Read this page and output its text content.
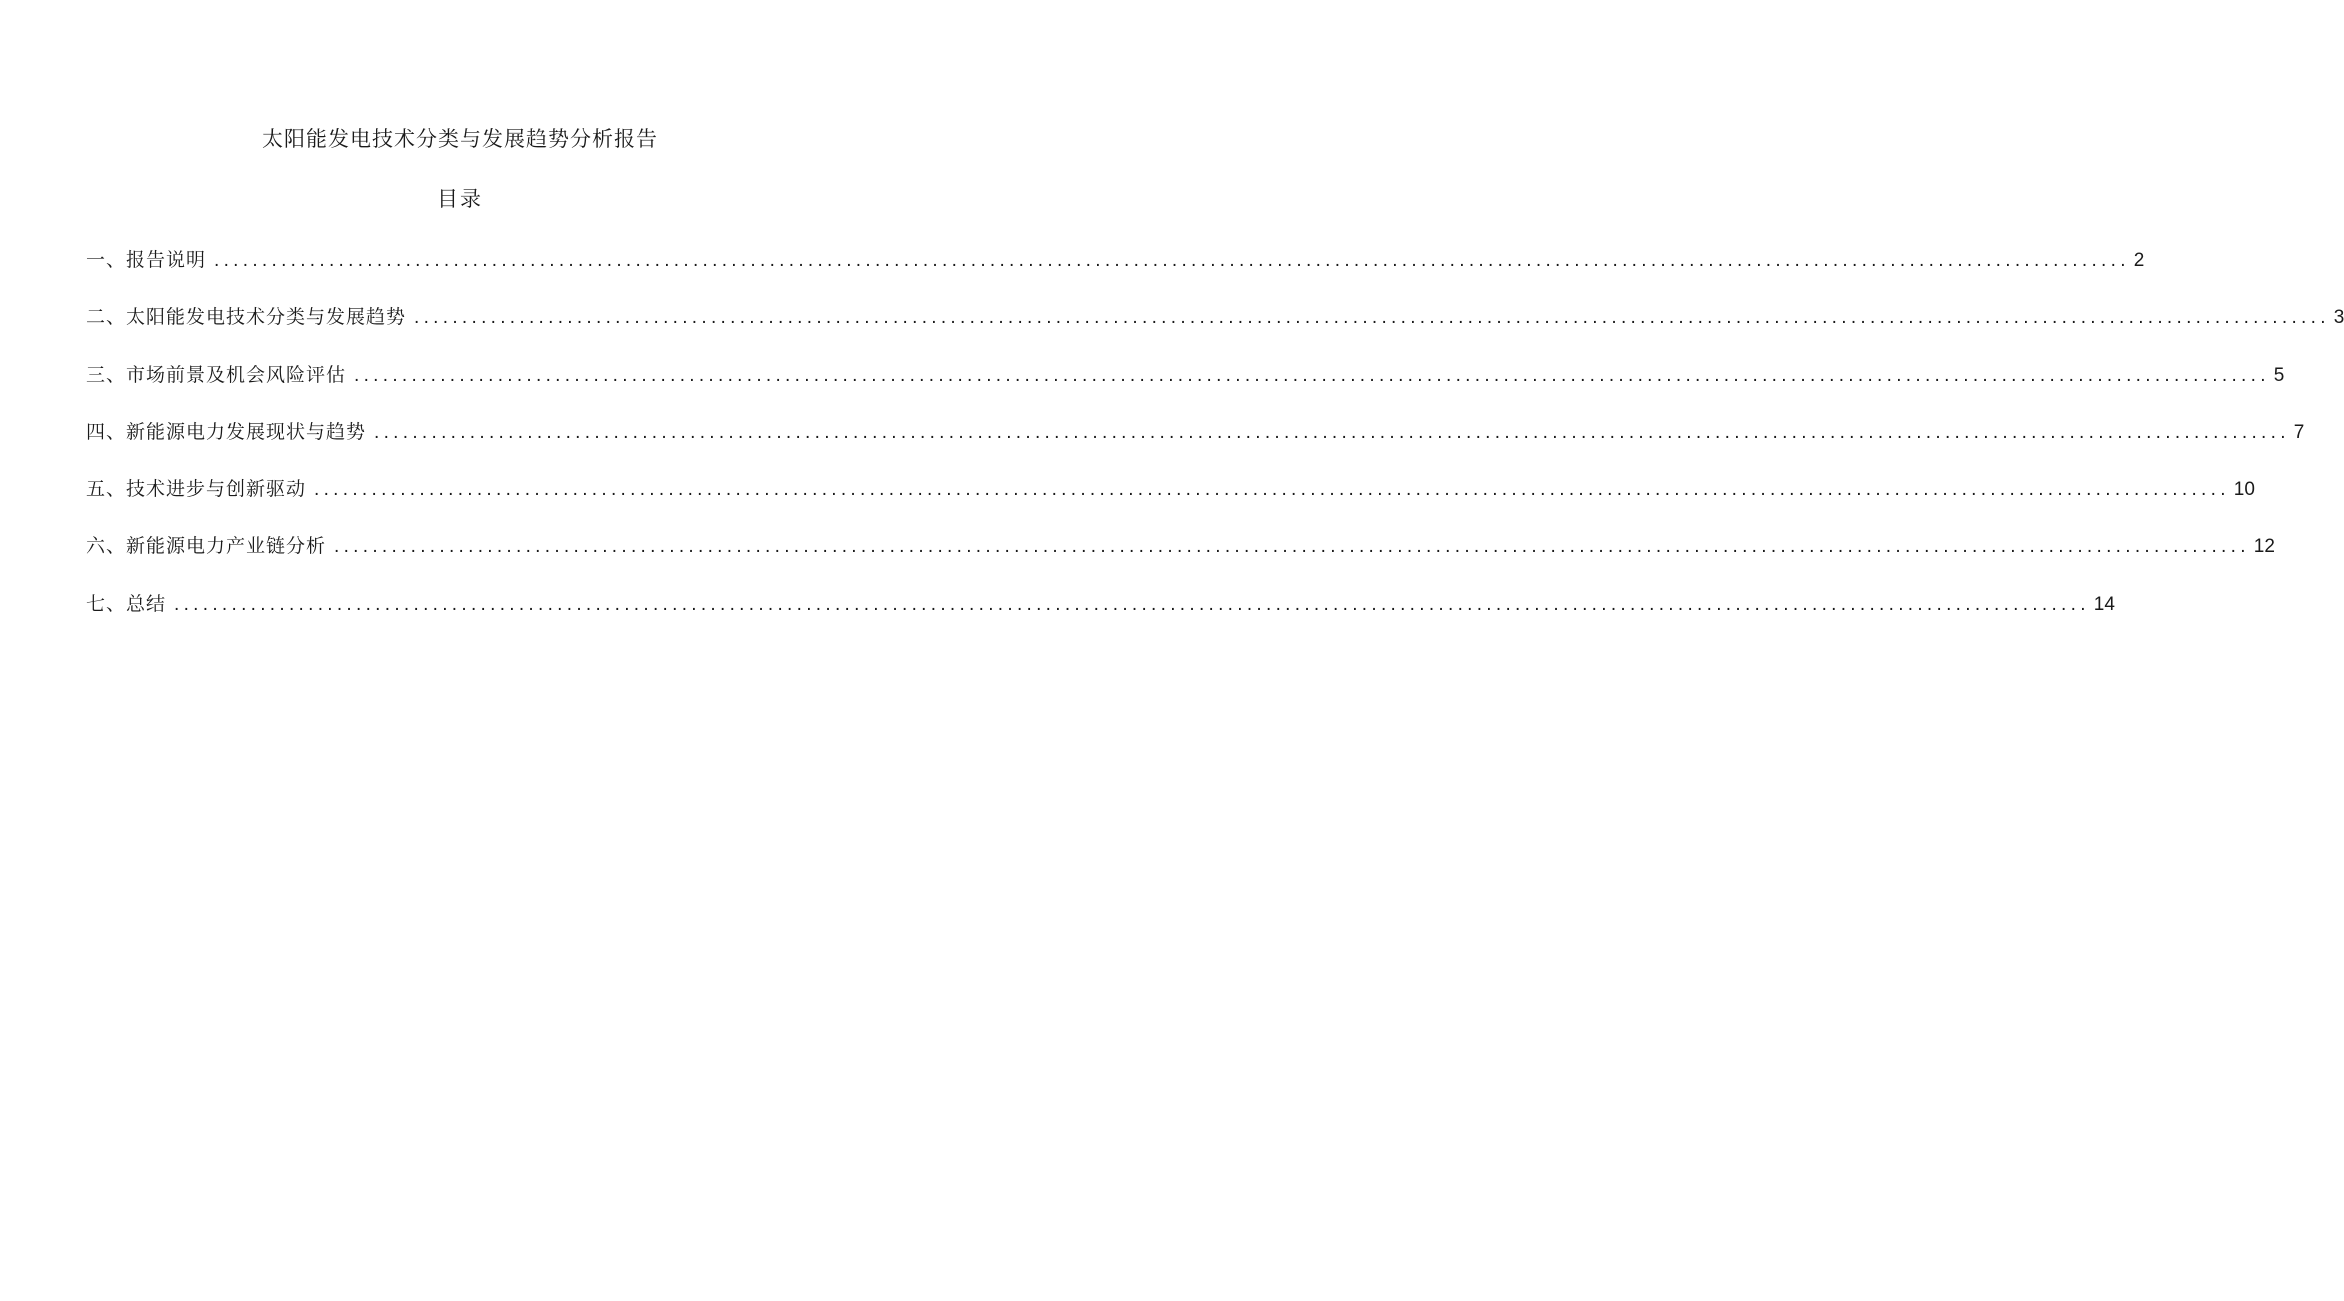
太阳能发电技术分类与发展趋势分析报告
目录
一、报告说明 ........................................................................................................................................................................................................ 2
二、太阳能发电技术分类与发展趋势 ........................................................................................................................................................................................................ 3
三、市场前景及机会风险评估 ........................................................................................................................................................................................................ 5
四、新能源电力发展现状与趋势 ........................................................................................................................................................................................................ 7
五、技术进步与创新驱动 ........................................................................................................................................................................................................ 10
六、新能源电力产业链分析 ........................................................................................................................................................................................................ 12
七、总结 ........................................................................................................................................................................................................ 14
